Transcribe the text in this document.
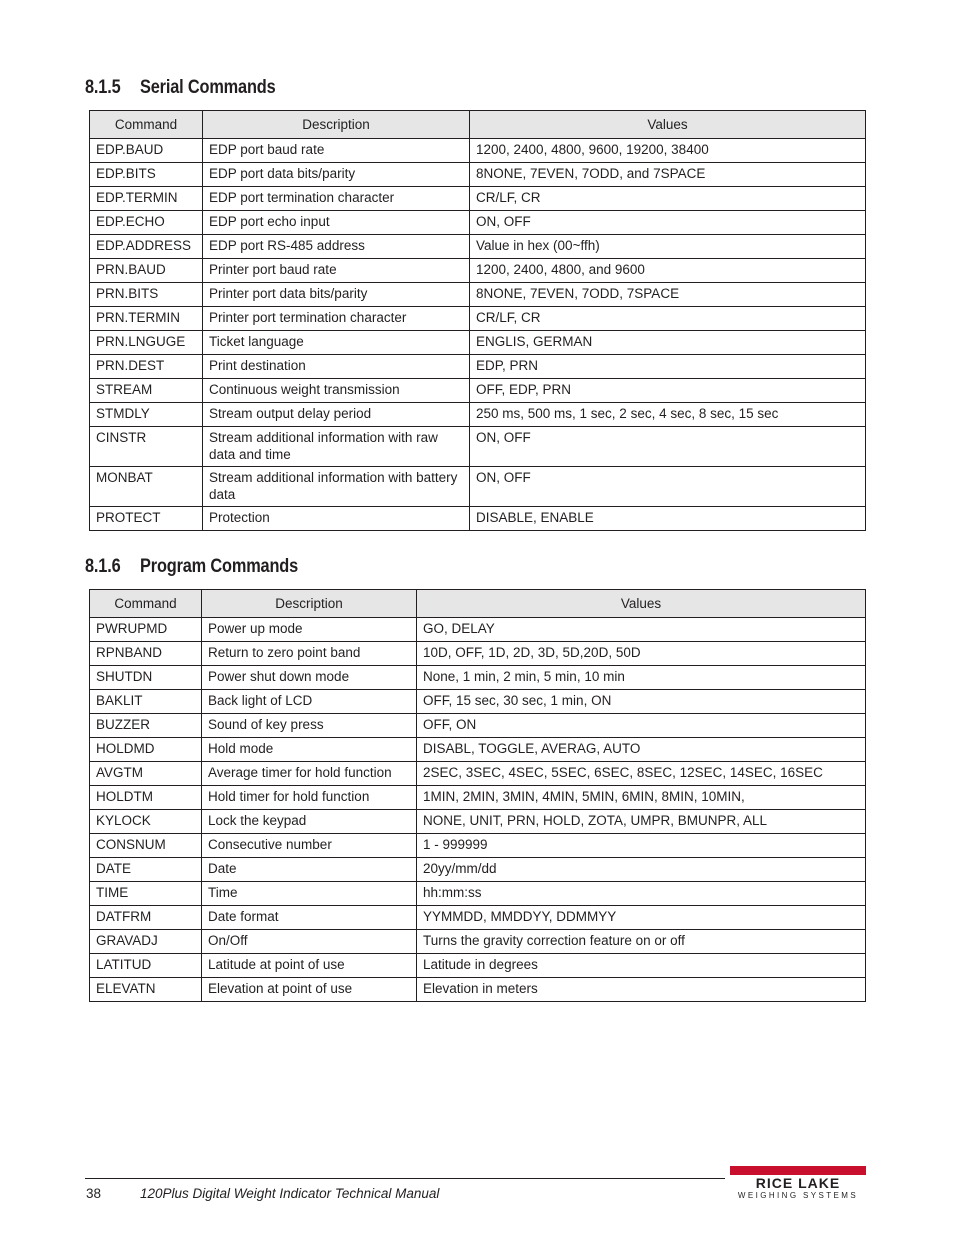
8.1.5 Serial Commands
Command	Description	Values
EDP.BAUD	EDP port baud rate	1200, 2400, 4800, 9600, 19200, 38400
EDP.BITS	EDP port data bits/parity	8NONE, 7EVEN, 7ODD, and 7SPACE
EDP.TERMIN	EDP port termination character	CR/LF, CR
EDP.ECHO	EDP port echo input	ON, OFF
EDP.ADDRESS	EDP port RS-485 address	Value in hex (00~ffh)
PRN.BAUD	Printer port baud rate	1200, 2400, 4800, and 9600
PRN.BITS	Printer port data bits/parity	8NONE, 7EVEN, 7ODD, 7SPACE
PRN.TERMIN	Printer port termination character	CR/LF, CR
PRN.LNGUGE	Ticket language	ENGLIS, GERMAN
PRN.DEST	Print destination	EDP, PRN
STREAM	Continuous weight transmission	OFF, EDP, PRN
STMDLY	Stream output delay period	250 ms, 500 ms, 1 sec, 2 sec, 4 sec, 8 sec, 15 sec
CINSTR	Stream additional information with raw data and time	ON, OFF
MONBAT	Stream additional information with battery data	ON, OFF
PROTECT	Protection	DISABLE, ENABLE
8.1.6 Program Commands
Command	Description	Values
PWRUPMD	Power up mode	GO, DELAY
RPNBAND	Return to zero point band	10D, OFF, 1D, 2D, 3D, 5D,20D, 50D
SHUTDN	Power shut down mode	None, 1 min, 2 min, 5 min, 10 min
BAKLIT	Back light of LCD	OFF, 15 sec, 30 sec, 1 min, ON
BUZZER	Sound of key press	OFF, ON
HOLDMD	Hold mode	DISABL, TOGGLE, AVERAG, AUTO
AVGTM	Average timer for hold function	2SEC, 3SEC, 4SEC, 5SEC, 6SEC, 8SEC, 12SEC, 14SEC, 16SEC
HOLDTM	Hold timer for hold function	1MIN, 2MIN, 3MIN, 4MIN, 5MIN, 6MIN, 8MIN, 10MIN,
KYLOCK	Lock the keypad	NONE, UNIT, PRN, HOLD, ZOTA, UMPR, BMUNPR, ALL
CONSNUM	Consecutive number	1 - 999999
DATE	Date	20yy/mm/dd
TIME	Time	hh:mm:ss
DATFRM	Date format	YYMMDD, MMDDYY, DDMMYY
GRAVADJ	On/Off	Turns the gravity correction feature on or off
LATITUD	Latitude at point of use	Latitude in degrees
ELEVATN	Elevation at point of use	Elevation in meters
38	120Plus Digital Weight Indicator Technical Manual
RICE LAKE
WEIGHING SYSTEMS
